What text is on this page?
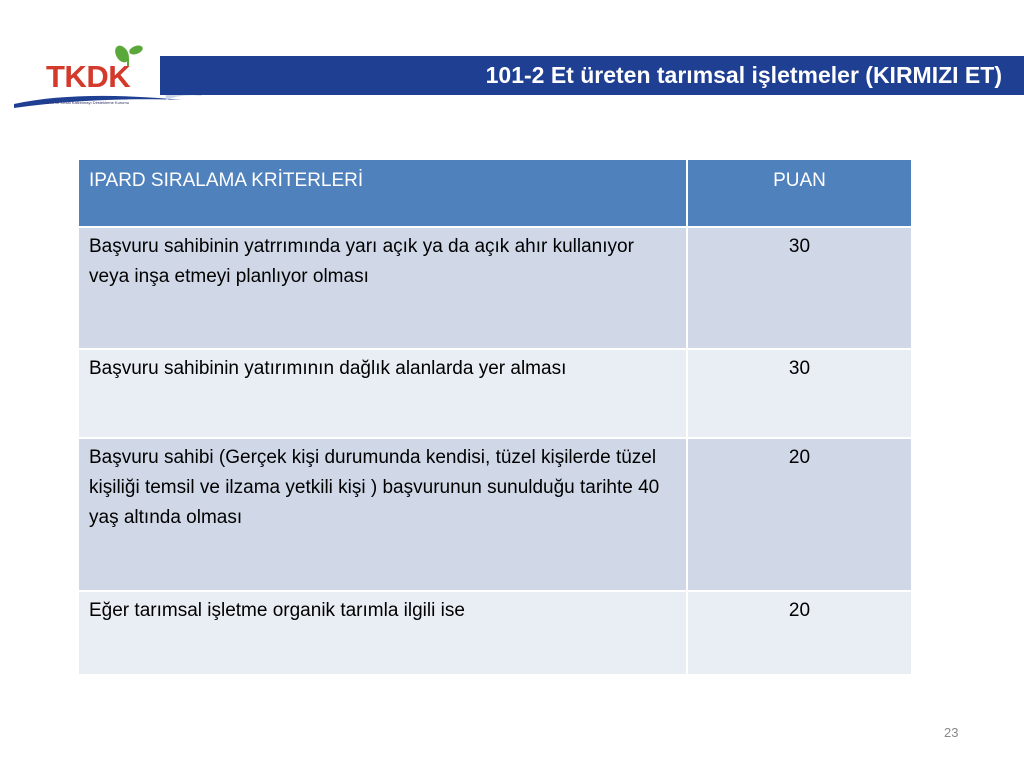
TKDK
Tarım ve Kırsal Kalkınmayı Destekleme Kurumu
101-2 Et üreten tarımsal işletmeler (KIRMIZI ET)
IPARD SIRALAMA KRİTERLERİ	PUAN
Başvuru sahibinin yatrrımında yarı açık ya da açık ahır kullanıyor veya inşa etmeyi planlıyor olması	30
Başvuru sahibinin yatırımının dağlık alanlarda yer alması	30
Başvuru sahibi (Gerçek kişi durumunda kendisi, tüzel kişilerde tüzel kişiliği temsil ve ilzama yetkili kişi ) başvurunun sunulduğu tarihte 40 yaş altında olması	20
Eğer tarımsal işletme organik tarımla ilgili ise	20
23
